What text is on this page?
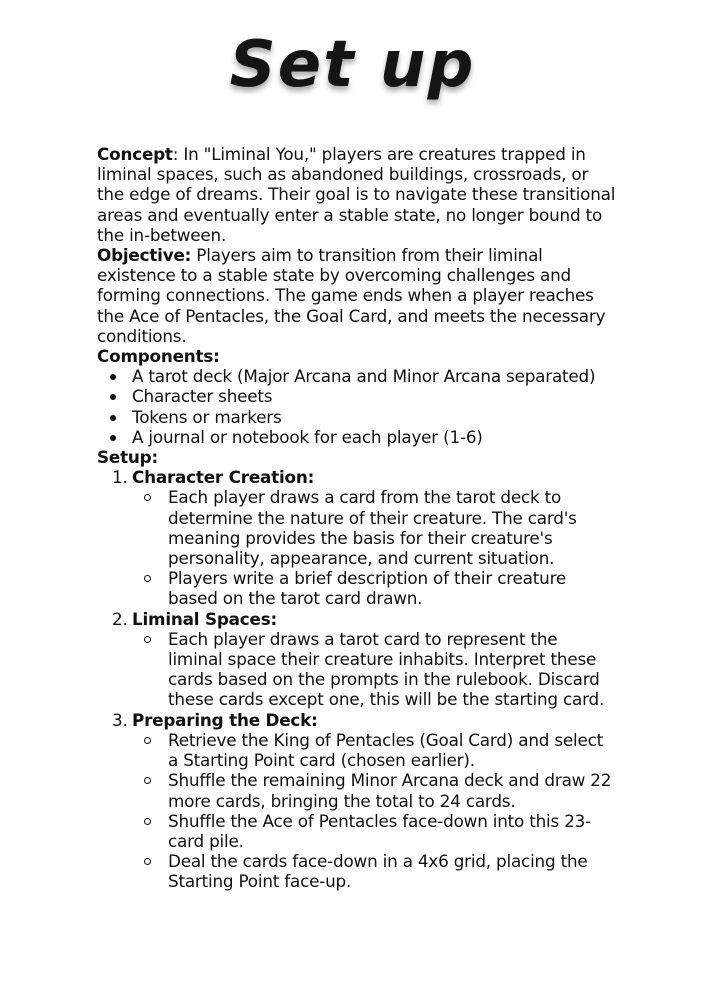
Set up

Concept: In "Liminal You," players are creatures trapped in liminal spaces, such as abandoned buildings, crossroads, or the edge of dreams. Their goal is to navigate these transitional areas and eventually enter a stable state, no longer bound to the in-between.

Objective: Players aim to transition from their liminal existence to a stable state by overcoming challenges and forming connections. The game ends when a player reaches the Ace of Pentacles, the Goal Card, and meets the necessary conditions.

Components:

A tarot deck (Major Arcana and Minor Arcana separated)
Character sheets
Tokens or markers
A journal or notebook for each player (1-6)

Setup:

1. Character Creation:
Each player draws a card from the tarot deck to determine the nature of their creature. The card's meaning provides the basis for their creature's personality, appearance, and current situation.
Players write a brief description of their creature based on the tarot card drawn.
2. Liminal Spaces:
Each player draws a tarot card to represent the liminal space their creature inhabits. Interpret these cards based on the prompts in the rulebook. Discard these cards except one, this will be the starting card.
3. Preparing the Deck:
Retrieve the King of Pentacles (Goal Card) and select a Starting Point card (chosen earlier).
Shuffle the remaining Minor Arcana deck and draw 22 more cards, bringing the total to 24 cards.
Shuffle the Ace of Pentacles face-down into this 23-card pile.
Deal the cards face-down in a 4x6 grid, placing the Starting Point face-up.
